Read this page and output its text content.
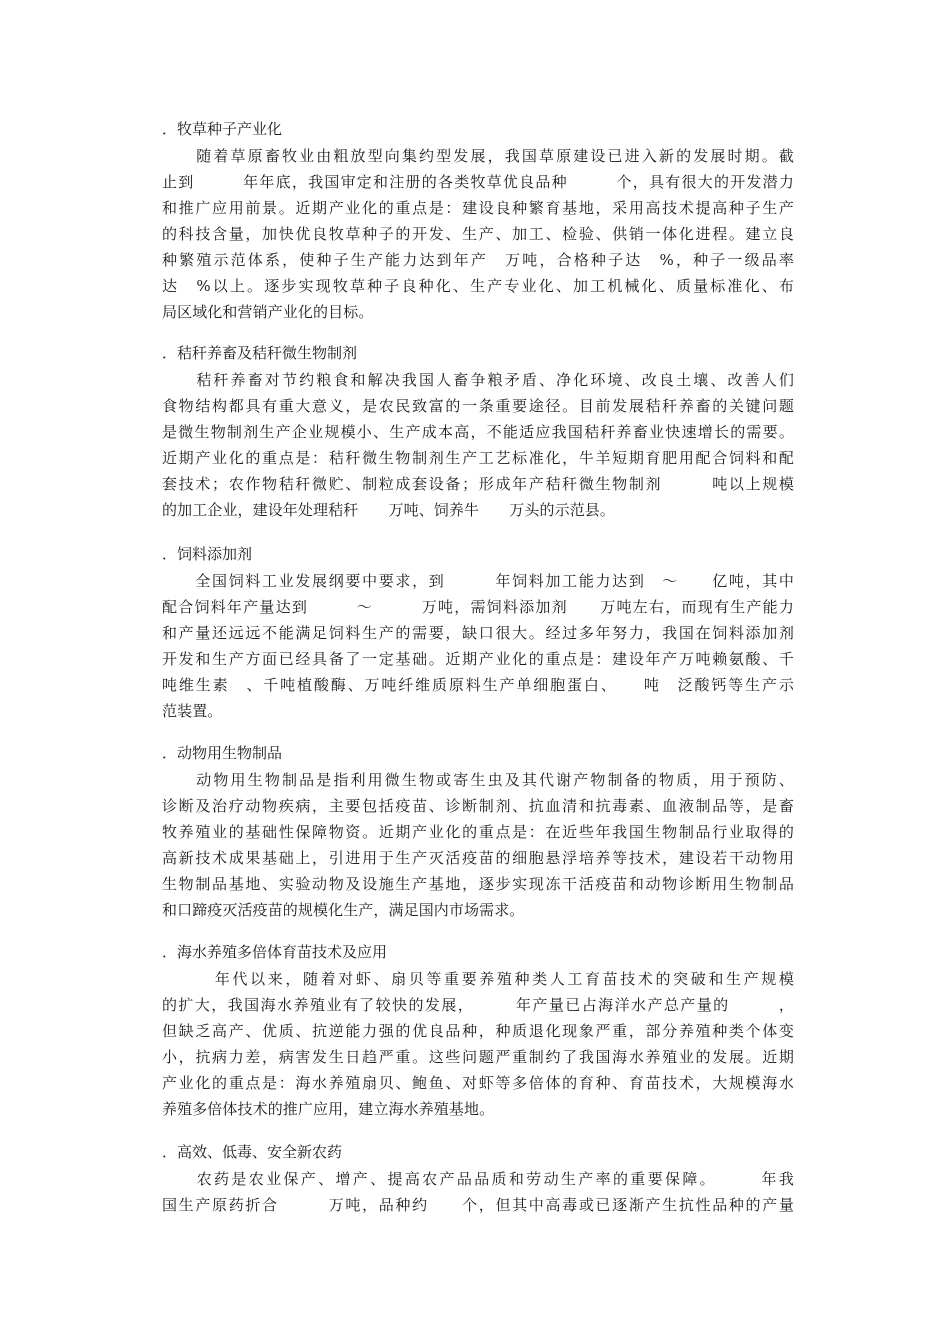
．牧草种子产业化
　　随着草原畜牧业由粗放型向集约型发展，我国草原建设已进入新的发展时期。截
止到　　　年年底，我国审定和注册的各类牧草优良品种　　　个，具有很大的开发潜力
和推广应用前景。近期产业化的重点是：建设良种繁育基地，采用高技术提高种子生产
的科技含量，加快优良牧草种子的开发、生产、加工、检验、供销一体化进程。建立良
种繁殖示范体系，使种子生产能力达到年产　万吨，合格种子达　%，种子一级品率
达　%以上。逐步实现牧草种子良种化、生产专业化、加工机械化、质量标准化、布
局区域化和营销产业化的目标。
．秸秆养畜及秸秆微生物制剂
　　秸秆养畜对节约粮食和解决我国人畜争粮矛盾、净化环境、改良土壤、改善人们
食物结构都具有重大意义，是农民致富的一条重要途径。目前发展秸秆养畜的关键问题
是微生物制剂生产企业规模小、生产成本高，不能适应我国秸秆养畜业快速增长的需要。
近期产业化的重点是：秸秆微生物制剂生产工艺标准化，牛羊短期育肥用配合饲料和配
套技术；农作物秸秆微贮、制粒成套设备；形成年产秸秆微生物制剂　　　吨以上规模
的加工企业，建设年处理秸秆　　万吨、饲养牛　　万头的示范县。
．饲料添加剂
　　全国饲料工业发展纲要中要求，到　　　年饲料加工能力达到　～　　亿吨，其中
配合饲料年产量达到　　　～　　　万吨，需饲料添加剂　　万吨左右，而现有生产能力
和产量还远远不能满足饲料生产的需要，缺口很大。经过多年努力，我国在饲料添加剂
开发和生产方面已经具备了一定基础。近期产业化的重点是：建设年产万吨赖氨酸、千
吨维生素　、千吨植酸酶、万吨纤维质原料生产单细胞蛋白、　　吨　泛酸钙等生产示
范装置。
．动物用生物制品
　　动物用生物制品是指利用微生物或寄生虫及其代谢产物制备的物质，用于预防、
诊断及治疗动物疾病，主要包括疫苗、诊断制剂、抗血清和抗毒素、血液制品等，是畜
牧养殖业的基础性保障物资。近期产业化的重点是：在近些年我国生物制品行业取得的
高新技术成果基础上，引进用于生产灭活疫苗的细胞悬浮培养等技术，建设若干动物用
生物制品基地、实验动物及设施生产基地，逐步实现冻干活疫苗和动物诊断用生物制品
和口蹄疫灭活疫苗的规模化生产，满足国内市场需求。
．海水养殖多倍体育苗技术及应用
　　　年代以来，随着对虾、扇贝等重要养殖种类人工育苗技术的突破和生产规模
的扩大，我国海水养殖业有了较快的发展，　　　年产量已占海洋水产总产量的　　　，
但缺乏高产、优质、抗逆能力强的优良品种，种质退化现象严重，部分养殖种类个体变
小，抗病力差，病害发生日趋严重。这些问题严重制约了我国海水养殖业的发展。近期
产业化的重点是：海水养殖扇贝、鲍鱼、对虾等多倍体的育种、育苗技术，大规模海水
养殖多倍体技术的推广应用，建立海水养殖基地。
．高效、低毒、安全新农药
　　农药是农业保产、增产、提高农产品品质和劳动生产率的重要保障。　　　年我
国生产原药折合　　　万吨，品种约　　个，但其中高毒或已逐渐产生抗性品种的产量
